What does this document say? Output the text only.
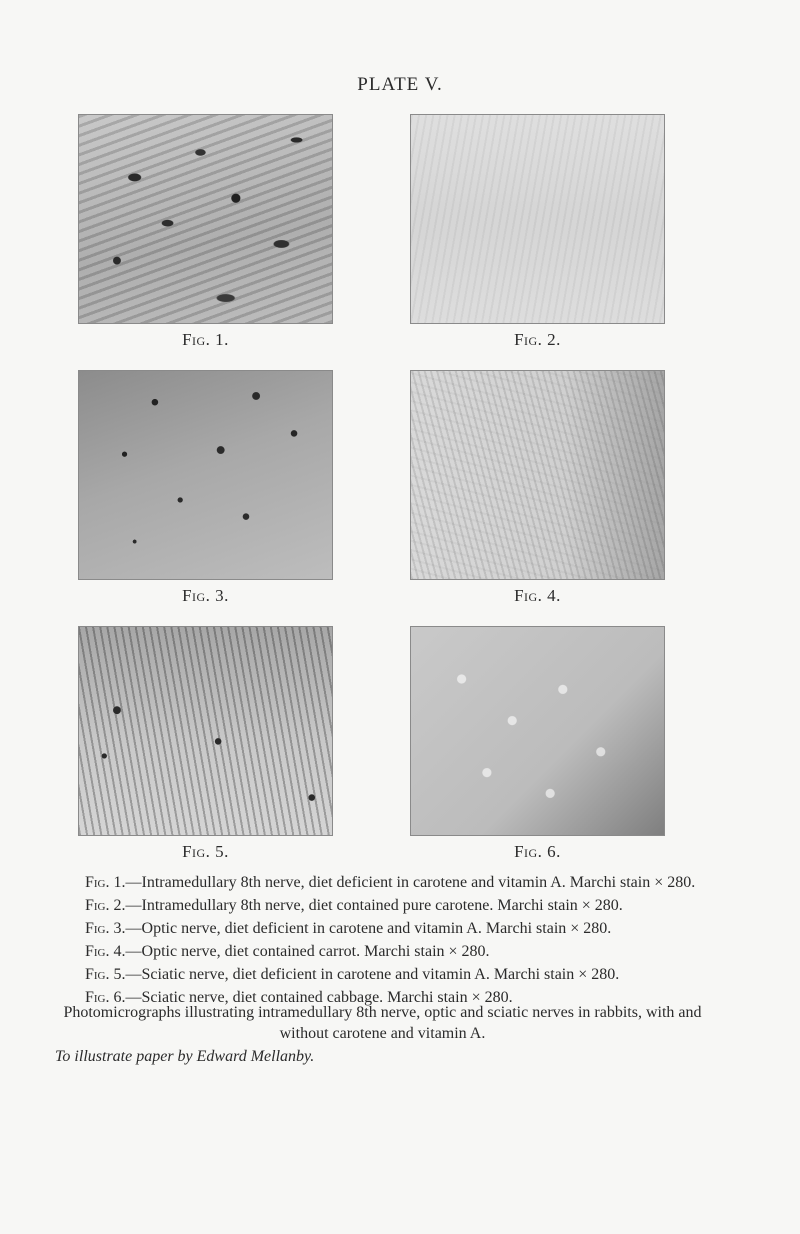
PLATE V.
Fig. 1.	Fig. 2.
Fig. 3.	Fig. 4.
Fig. 5.	Fig. 6.

Fig. 1.—Intramedullary 8th nerve, diet deficient in carotene and vitamin A. Marchi stain × 280.

Fig. 2.—Intramedullary 8th nerve, diet contained pure carotene. Marchi stain × 280.

Fig. 3.—Optic nerve, diet deficient in carotene and vitamin A. Marchi stain × 280.

Fig. 4.—Optic nerve, diet contained carrot. Marchi stain × 280.

Fig. 5.—Sciatic nerve, diet deficient in carotene and vitamin A. Marchi stain × 280.

Fig. 6.—Sciatic nerve, diet contained cabbage. Marchi stain × 280.

Photomicrographs illustrating intramedullary 8th nerve, optic and sciatic nerves in rabbits, with and without carotene and vitamin A.
To illustrate paper by Edward Mellanby.
